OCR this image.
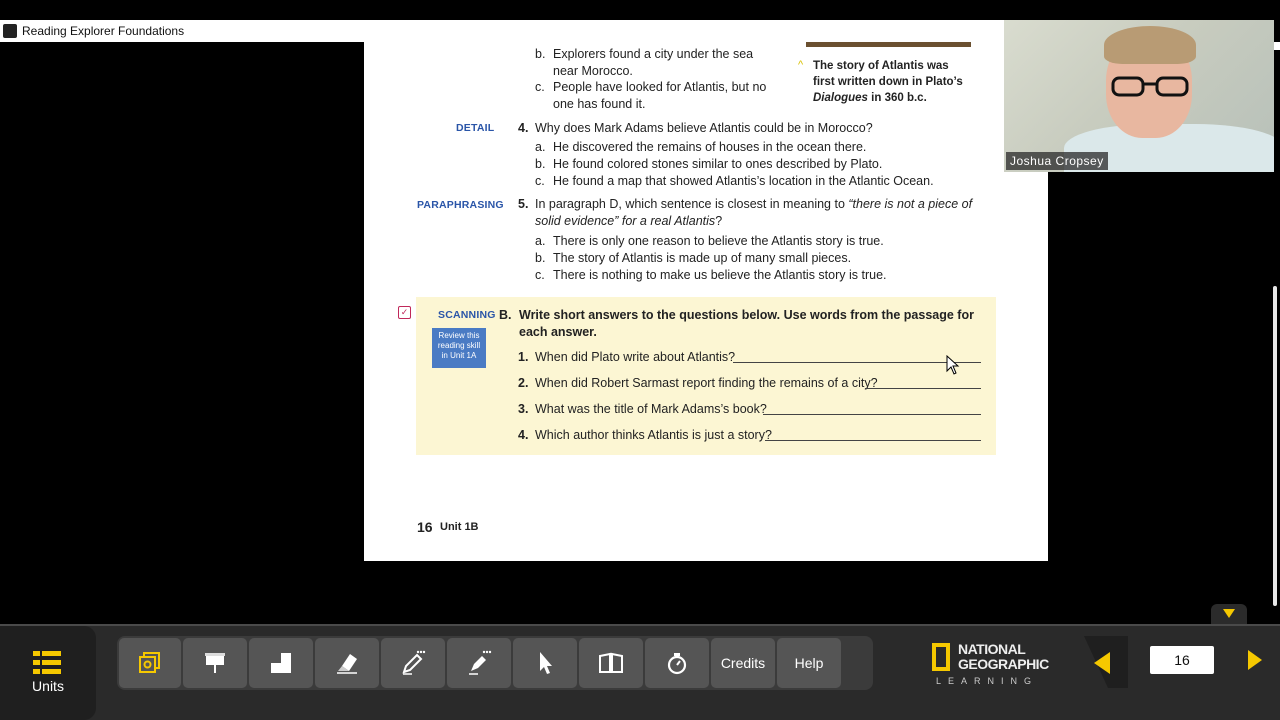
Reading Explorer Foundations
^ The story of Atlantis was
first written down in Plato’s
Dialogues in 360 b.c.
b. Explorers found a city under the sea
near Morocco.
c. People have looked for Atlantis, but no
one has found it.
DETAIL 4. Why does Mark Adams believe Atlantis could be in Morocco?
a. He discovered the remains of houses in the ocean there.
b. He found colored stones similar to ones described by Plato.
c. He found a map that showed Atlantis’s location in the Atlantic Ocean.
PARAPHRASING 5. In paragraph D, which sentence is closest in meaning to “there is not a piece of
solid evidence” for a real Atlantis?
a. There is only one reason to believe the Atlantis story is true.
b. The story of Atlantis is made up of many small pieces.
c. There is nothing to make us believe the Atlantis story is true.
✓	SCANNING
Review this
reading skill
in Unit 1A
B. Write short answers to the questions below. Use words from the passage for
each answer.
1. When did Plato write about Atlantis?
2. When did Robert Sarmast report finding the remains of a city?
3. What was the title of Mark Adams’s book?
4. Which author thinks Atlantis is just a story?
16 Unit 1B
Joshua Cropsey
Units
Credits	Help
NATIONAL
GEOGRAPHIC
LEARNING
16
